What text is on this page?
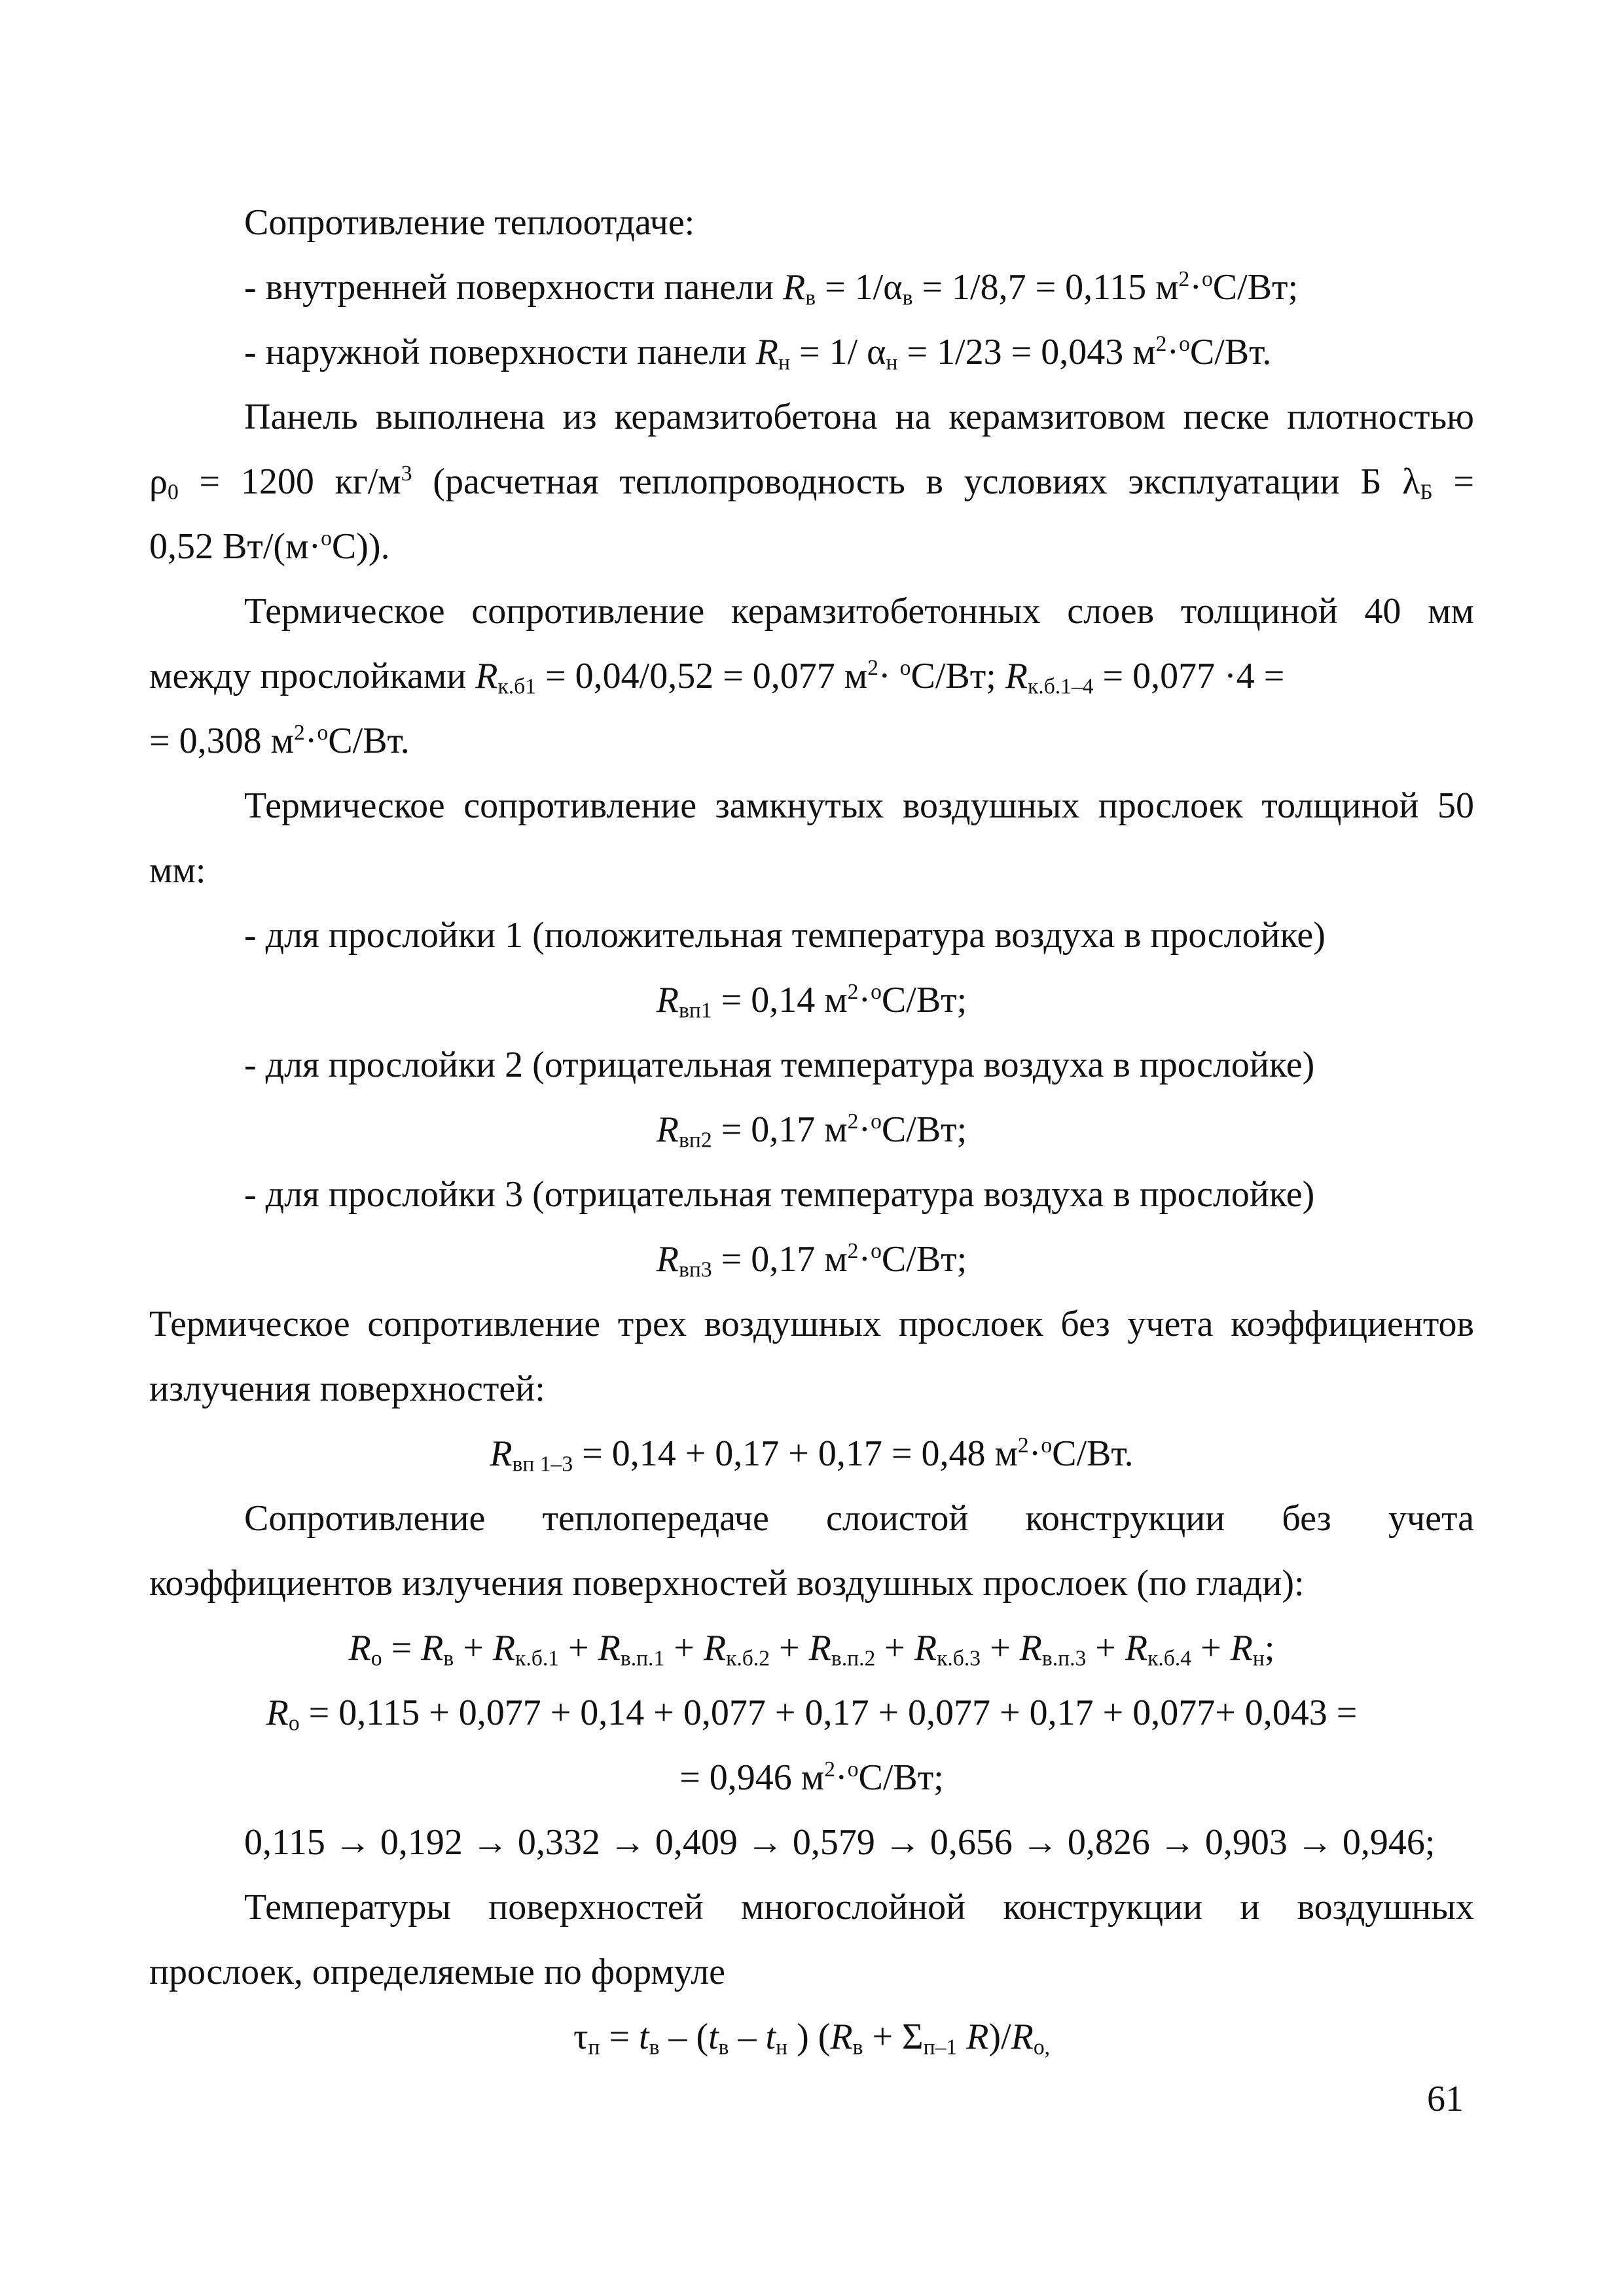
Сопротивление теплоотдаче:
- внутренней поверхности панели $R_в = 1/\alpha_в = 1/8,7 = 0,115$ $м^2\cdot^оС/Вт$;
- наружной поверхности панели $R_н = 1/$ $\alpha_н = 1/23 = 0,043$ $м^2\cdot^оС/Вт$.
Панель выполнена из керамзитобетона на керамзитовом песке плотностью
$\rho_0 = 1200$ $кг/м^3$ (расчетная теплопроводность в условиях эксплуатации Б $\lambda_Б$ =
0,52 Вт/(м·$^о$С)).
Термическое сопротивление керамзитобетонных слоев толщиной 40 мм
между прослойками $R_{к.б1} = 0,04/0,52 = 0,077$ $м^2\cdot ^оС/Вт$; $R_{к.б.1-4} = 0,077 \cdot 4$ =
= 0,308 $м^2\cdot^оС/Вт$.
Термическое сопротивление замкнутых воздушных прослоек толщиной 50
мм:
- для прослойки 1 (положительная температура воздуха в прослойке)
$R_{вп1} = 0,14$ $м^2\cdot^оС/Вт$;
- для прослойки 2 (отрицательная температура воздуха в прослойке)
$R_{вп2} = 0,17$ $м^2\cdot^оС/Вт$;
- для прослойки 3 (отрицательная температура воздуха в прослойке)
$R_{вп3} = 0,17$ $м^2\cdot^оС/Вт$;
Термическое сопротивление трех воздушных прослоек без учета коэффициентов
излучения поверхностей:
$R_{вп 1-3} = 0,14 + 0,17 + 0,17 = 0,48$ $м^2\cdot^оС/Вт$.
Сопротивление теплопередаче слоистой конструкции без учета
коэффициентов излучения поверхностей воздушных прослоек (по глади):
$R_о = R_в + R_{к.б.1} + R_{в.п.1} + R_{к.б.2} + R_{в.п.2} + R_{к.б.3} + R_{в.п.3} + R_{к.б.4} + R_н$;
$R_о = 0,115 + 0,077 + 0,14 + 0,077 + 0,17 + 0,077 + 0,17 + 0,077+ 0,043$ =
= 0,946 $м^2\cdot^оС/Вт$;
0,115 → 0,192 → 0,332 → 0,409 → 0,579 → 0,656 → 0,826 → 0,903 → 0,946;
Температуры поверхностей многослойной конструкции и воздушных
прослоек, определяемые по формуле
$\tau_п = t_в - (t_в - t_н$ ) ($R_в + \Sigma_{п-1}$ $R)/R_{о,}$
61
